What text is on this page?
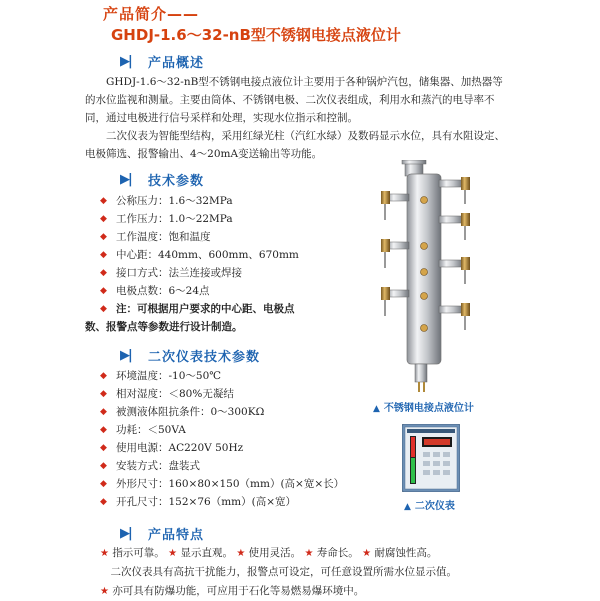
产品简介——
GHDJ-1.6～32-nB型不锈钢电接点液位计
▶|	产品概述

GHDJ-1.6～32-nB型不锈钢电接点液位计主要用于各种锅炉汽包，储集器、加热器等的水位监视和测量。主要由筒体、不锈钢电极、二次仪表组成，利用水和蒸汽的电导率不同，通过电极进行信号采样和处理，实现水位指示和控制。

二次仪表为智能型结构，采用红绿光柱（汽红水绿）及数码显示水位，具有水阻设定、电极筛选、报警输出、4～20mA变送输出等功能。

▶|	技术参数
◆ 公称压力：1.6～32MPa
◆ 工作压力：1.0～22MPa
◆ 工作温度：饱和温度
◆ 中心距：440mm、600mm、670mm
◆ 接口方式：法兰连接或焊接
◆ 电极点数：6～24点
◆ 注：可根据用户要求的中心距、电极点
数、报警点等参数进行设计制造。
▶|	二次仪表技术参数
◆ 环境温度：-10～50℃
◆ 相对湿度：＜80%无凝结
◆ 被测液体阻抗条件：0～300KΩ
◆ 功耗：＜50VA
◆ 使用电源：AC220V 50Hz
◆ 安装方式：盘装式
◆ 外形尺寸：160×80×150（mm）(高×宽×长）
◆ 开孔尺寸：152×76（mm）(高×宽）
▲ 不锈钢电接点液位计
▲ 二次仪表
▶|	产品特点
★ 指示可靠。 ★ 显示直观。 ★ 使用灵活。 ★ 寿命长。 ★ 耐腐蚀性高。
二次仪表具有高抗干扰能力，报警点可设定，可任意设置所需水位显示值。
★ 亦可具有防爆功能，可应用于石化等易燃易爆环境中。
